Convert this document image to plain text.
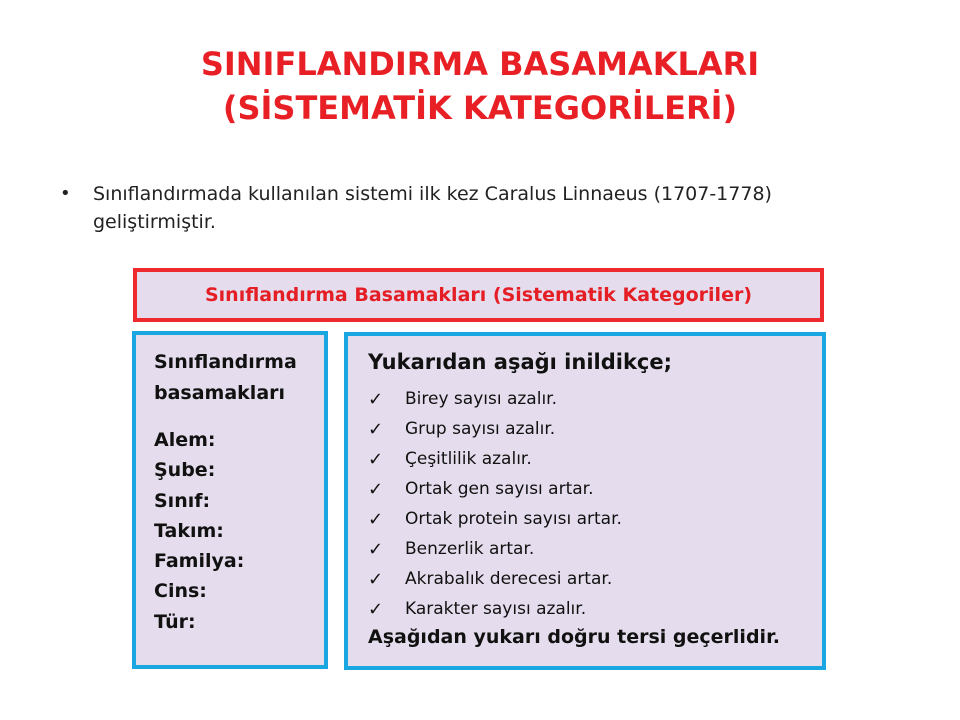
SINIFLANDIRMA BASAMAKLARI
(SİSTEMATİK KATEGORİLERİ)
• Sınıflandırmada kullanılan sistemi ilk kez Caralus Linnaeus (1707-1778)
geliştirmiştir.
Sınıflandırma Basamakları (Sistematik Kategoriler)
Sınıflandırma
basamakları
Alem:
Şube:
Sınıf:
Takım:
Familya:
Cins:
Tür:
Yukarıdan aşağı inildikçe;
✓	Birey sayısı azalır.
✓	Grup sayısı azalır.
✓	Çeşitlilik azalır.
✓	Ortak gen sayısı artar.
✓	Ortak protein sayısı artar.
✓	Benzerlik artar.
✓	Akrabalık derecesi artar.
✓	Karakter sayısı azalır.
Aşağıdan yukarı doğru tersi geçerlidir.
